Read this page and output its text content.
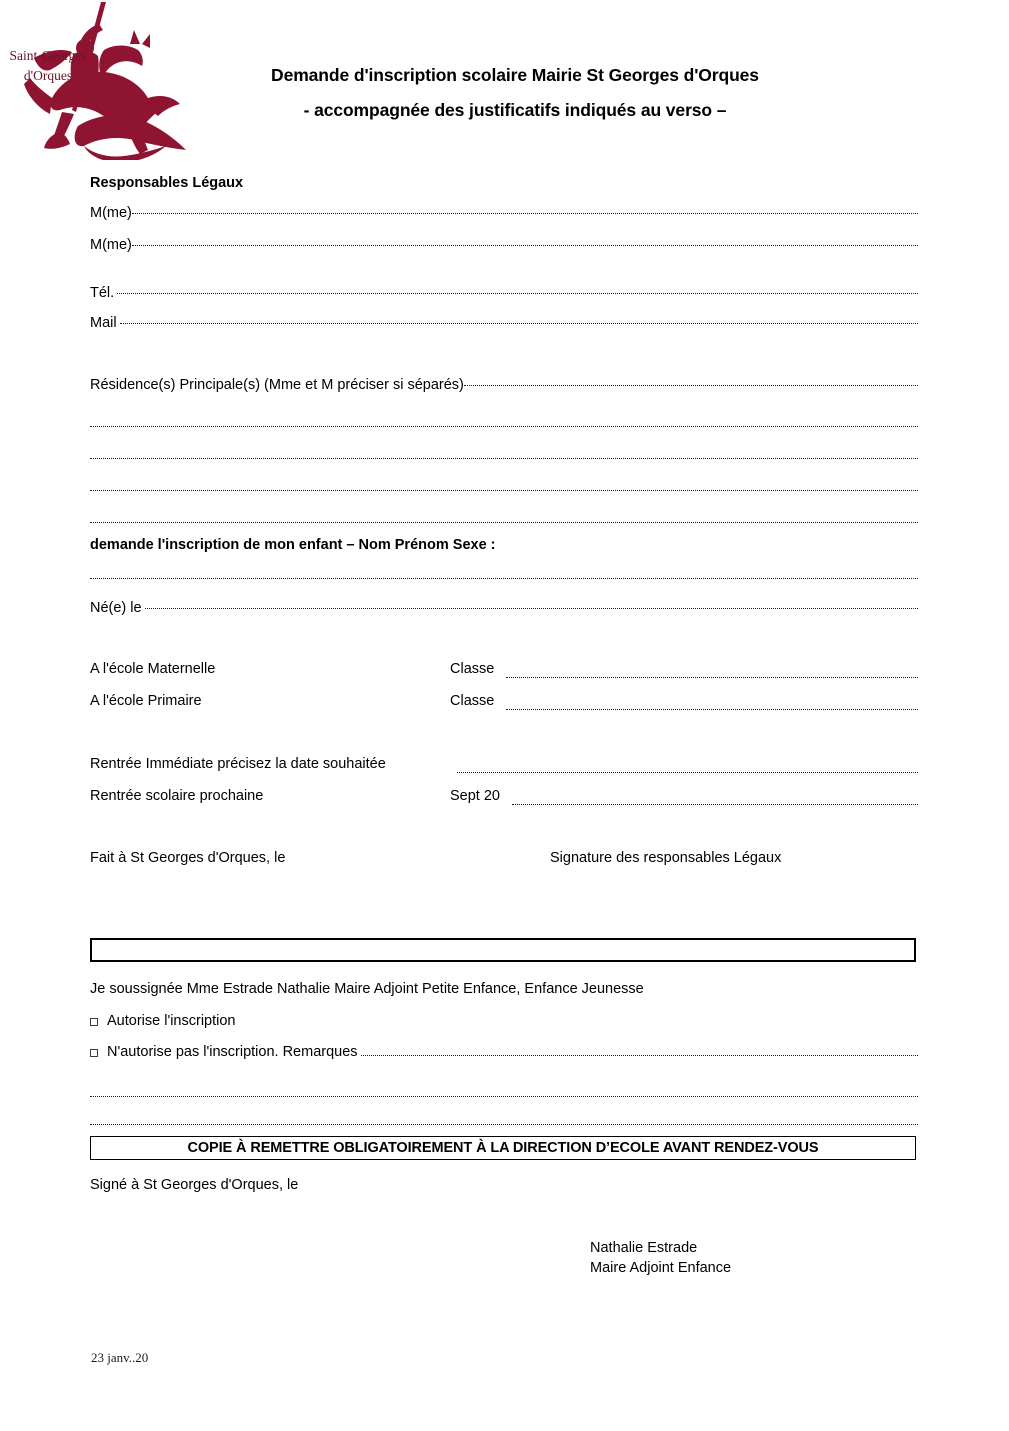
Saint-Georges
d'Orques	Demande d'inscription scolaire Mairie St Georges d'Orques
- accompagnée des justificatifs indiqués au verso –
Responsables Légaux
M(me)
M(me)
Tél.
Mail
Résidence(s) Principale(s) (Mme et M préciser si séparés)
demande l'inscription de mon enfant – Nom Prénom Sexe :
Né(e) le
A l'école Maternelle	Classe
A l'école Primaire	Classe
Rentrée Immédiate précisez la date souhaitée
Rentrée scolaire prochaine	Sept 20
Fait à St Georges d'Orques, le	Signature des responsables Légaux
Je soussignée Mme Estrade Nathalie Maire Adjoint Petite Enfance, Enfance Jeunesse
Autorise l'inscription
N'autorise pas l'inscription. Remarques
COPIE À REMETTRE OBLIGATOIREMENT À LA DIRECTION D’ECOLE AVANT RENDEZ-VOUS
Signé à St Georges d'Orques, le
Nathalie Estrade
Maire Adjoint Enfance
23 janv..20
